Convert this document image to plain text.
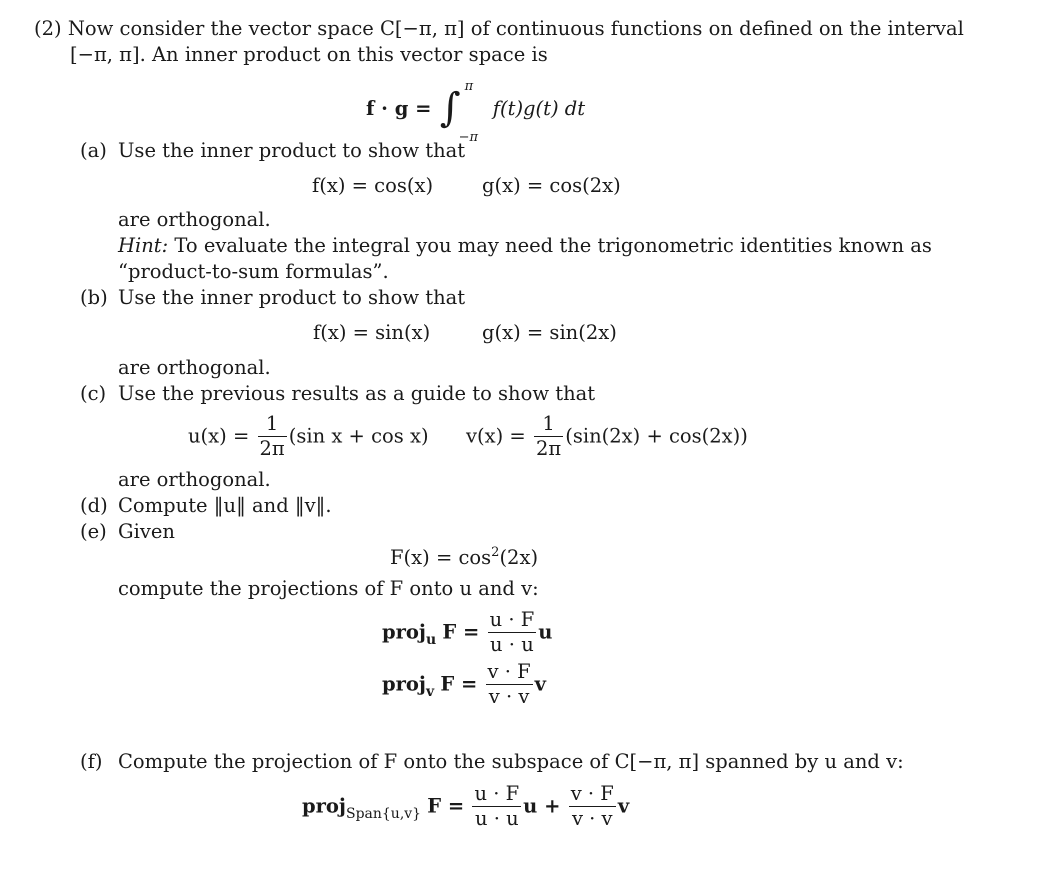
(2) Now consider the vector space C[−π, π] of continuous functions on defined on the interval
[−π, π]. An inner product on this vector space is
f · g = ∫ π
−π
f(t)g(t) dt
(a) Use the inner product to show that
f(x) = cos(x)	g(x) = cos(2x)
are orthogonal.
Hint: To evaluate the integral you may need the trigonometric identities known as
“product-to-sum formulas”.
(b) Use the inner product to show that
f(x) = sin(x)	g(x) = sin(2x)
are orthogonal.
(c) Use the previous results as a guide to show that
$u(x) = \frac{1}{2\pi} (\sin$ x + cos x) $v(x) = \frac{1}{2\pi} (\sin(2x) + \cos(2x))$
are orthogonal.
(d) Compute ‖u‖ and ‖v‖.
(e) Given
$F(x) = \cos^2(2x)$
compute the projections of F onto u and v:
proj$_u$ $F = \frac{u \cdot F}{u \cdot u}$ u
proj$_v$ $F = \frac{v \cdot F}{v \cdot v}$ v
(f) Compute the projection of F onto the subspace of C[−π, π] spanned by u and v:
proj$_{Span\{u,v\}}$ $F = \frac{u \cdot F}{u \cdot u}$ $u + \frac{v \cdot F}{v \cdot v}$ v
